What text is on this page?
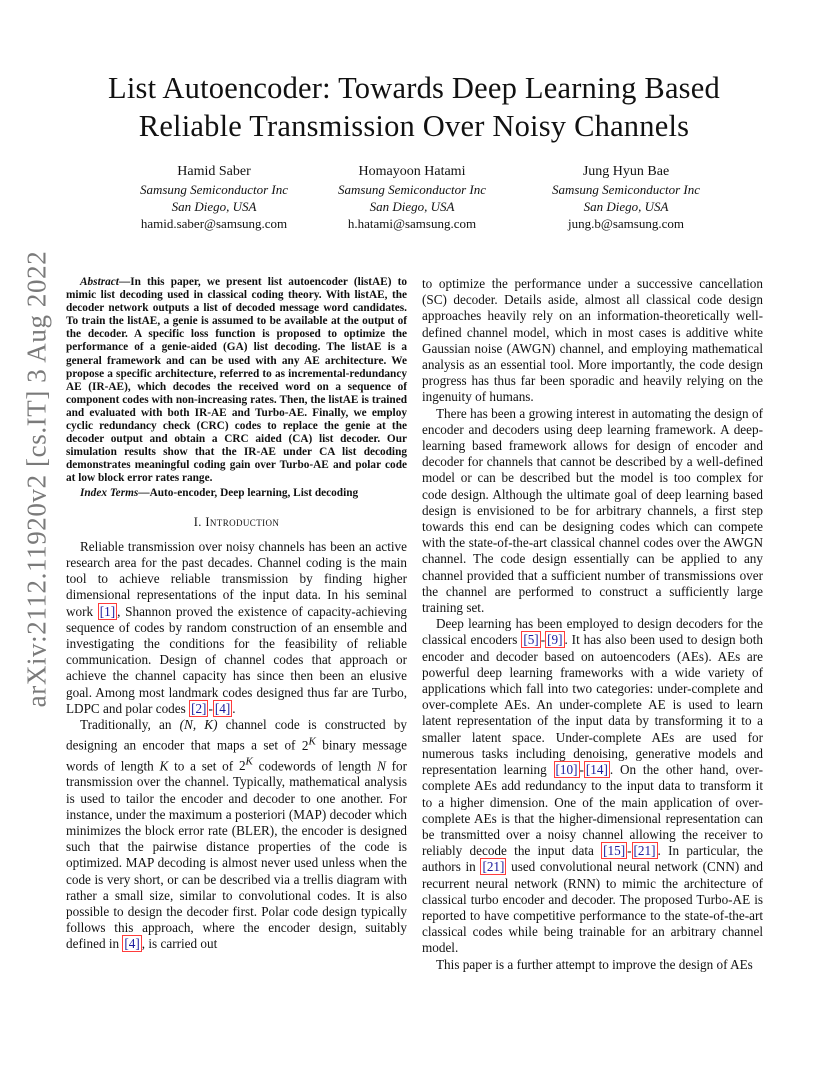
List Autoencoder: Towards Deep Learning Based Reliable Transmission Over Noisy Channels
Hamid Saber
Samsung Semiconductor Inc
San Diego, USA
hamid.saber@samsung.com
Homayoon Hatami
Samsung Semiconductor Inc
San Diego, USA
h.hatami@samsung.com
Jung Hyun Bae
Samsung Semiconductor Inc
San Diego, USA
jung.b@samsung.com
arXiv:2112.11920v2 [cs.IT] 3 Aug 2022	Abstract—In this paper, we present list autoencoder (listAE) to mimic list decoding used in classical coding theory. With listAE, the decoder network outputs a list of decoded message word candidates. To train the listAE, a genie is assumed to be available at the output of the decoder. A specific loss function is proposed to optimize the performance of a genie-aided (GA) list decoding. The listAE is a general framework and can be used with any AE architecture. We propose a specific architecture, referred to as incremental-redundancy AE (IR-AE), which decodes the received word on a sequence of component codes with non-increasing rates. Then, the listAE is trained and evaluated with both IR-AE and Turbo-AE. Finally, we employ cyclic redundancy check (CRC) codes to replace the genie at the decoder output and obtain a CRC aided (CA) list decoder. Our simulation results show that the IR-AE under CA list decoding demonstrates meaningful coding gain over Turbo-AE and polar code at low block error rates range.

Index Terms—Auto-encoder, Deep learning, List decoding

I. Introduction

Reliable transmission over noisy channels has been an active research area for the past decades. Channel coding is the main tool to achieve reliable transmission by finding higher dimensional representations of the input data. In his seminal work [1] , Shannon proved the existence of capacity-achieving sequence of codes by random construction of an ensemble and investigating the conditions for the feasibility of reliable communication. Design of channel codes that approach or achieve the channel capacity has since then been an elusive goal. Among most landmark codes designed thus far are Turbo, LDPC and polar codes [2] - [4] .

Traditionally, an (N, K) channel code is constructed by designing an encoder that maps a set of $2^K$ binary message words of length K to a set of $2^K$ codewords of length N for transmission over the channel. Typically, mathematical analysis is used to tailor the encoder and decoder to one another. For instance, under the maximum a posteriori (MAP) decoder which minimizes the block error rate (BLER), the encoder is designed such that the pairwise distance properties of the code is optimized. MAP decoding is almost never used unless when the code is very short, or can be described via a trellis diagram with rather a small size, similar to convolutional codes. It is also possible to design the decoder first. Polar code design typically follows this approach, where the encoder design, suitably defined in [4] , is carried out

to optimize the performance under a successive cancellation (SC) decoder. Details aside, almost all classical code design approaches heavily rely on an information-theoretically well-defined channel model, which in most cases is additive white Gaussian noise (AWGN) channel, and employing mathematical analysis as an essential tool. More importantly, the code design progress has thus far been sporadic and heavily relying on the ingenuity of humans.

There has been a growing interest in automating the design of encoder and decoders using deep learning framework. A deep-learning based framework allows for design of encoder and decoder for channels that cannot be described by a well-defined model or can be described but the model is too complex for code design. Although the ultimate goal of deep learning based design is envisioned to be for arbitrary channels, a first step towards this end can be designing codes which can compete with the state-of-the-art classical channel codes over the AWGN channel. The code design essentially can be applied to any channel provided that a sufficient number of transmissions over the channel are performed to construct a sufficiently large training set.

Deep learning has been employed to design decoders for the classical encoders [5] - [9] . It has also been used to design both encoder and decoder based on autoencoders (AEs). AEs are powerful deep learning frameworks with a wide variety of applications which fall into two categories: under-complete and over-complete AEs. An under-complete AE is used to learn latent representation of the input data by transforming it to a smaller latent space. Under-complete AEs are used for numerous tasks including denoising, generative models and representation learning [10] - [14] . On the other hand, over-complete AEs add redundancy to the input data to transform it to a higher dimension. One of the main application of over-complete AEs is that the higher-dimensional representation can be transmitted over a noisy channel allowing the receiver to reliably decode the input data [15] - [21] . In particular, the authors in [21] used convolutional neural network (CNN) and recurrent neural network (RNN) to mimic the architecture of classical turbo encoder and decoder. The proposed Turbo-AE is reported to have competitive performance to the state-of-the-art classical codes while being trainable for an arbitrary channel model.

This paper is a further attempt to improve the design of AEs
